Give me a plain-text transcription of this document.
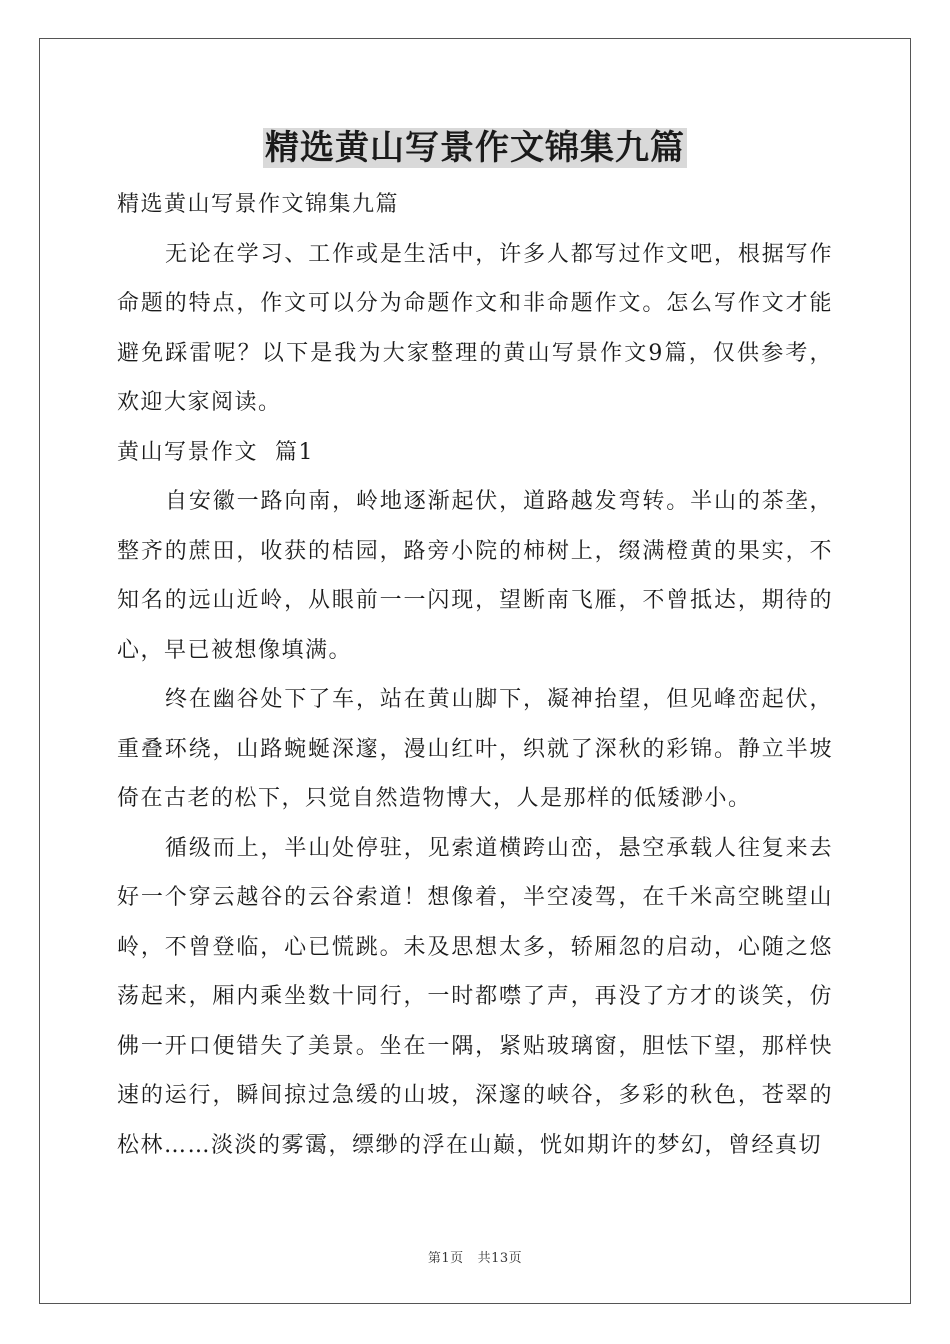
精选黄山写景作文锦集九篇

精选黄山写景作文锦集九篇

无论在学习、工作或是生活中，许多人都写过作文吧，根据写作命题的特点，作文可以分为命题作文和非命题作文。怎么写作文才能避免踩雷呢？以下是我为大家整理的黄山写景作文9篇，仅供参考，欢迎大家阅读。

黄山写景作文  篇1

自安徽一路向南，岭地逐渐起伏，道路越发弯转。半山的茶垄，整齐的蔗田，收获的桔园，路旁小院的柿树上，缀满橙黄的果实，不知名的远山近岭，从眼前一一闪现，望断南飞雁，不曾抵达，期待的心，早已被想像填满。

终在幽谷处下了车，站在黄山脚下，凝神抬望，但见峰峦起伏，重叠环绕，山路蜿蜒深邃，漫山红叶，织就了深秋的彩锦。静立半坡倚在古老的松下，只觉自然造物博大，人是那样的低矮渺小。

循级而上，半山处停驻，见索道横跨山峦，悬空承载人往复来去好一个穿云越谷的云谷索道！想像着，半空凌驾，在千米高空眺望山岭，不曾登临，心已慌跳。未及思想太多，轿厢忽的启动，心随之悠荡起来，厢内乘坐数十同行，一时都噤了声，再没了方才的谈笑，仿佛一开口便错失了美景。坐在一隅，紧贴玻璃窗，胆怯下望，那样快速的运行，瞬间掠过急缓的山坡，深邃的峡谷，多彩的秋色，苍翠的松林……淡淡的雾霭，缥缈的浮在山巅，恍如期许的梦幻，曾经真切

第1页 共13页
